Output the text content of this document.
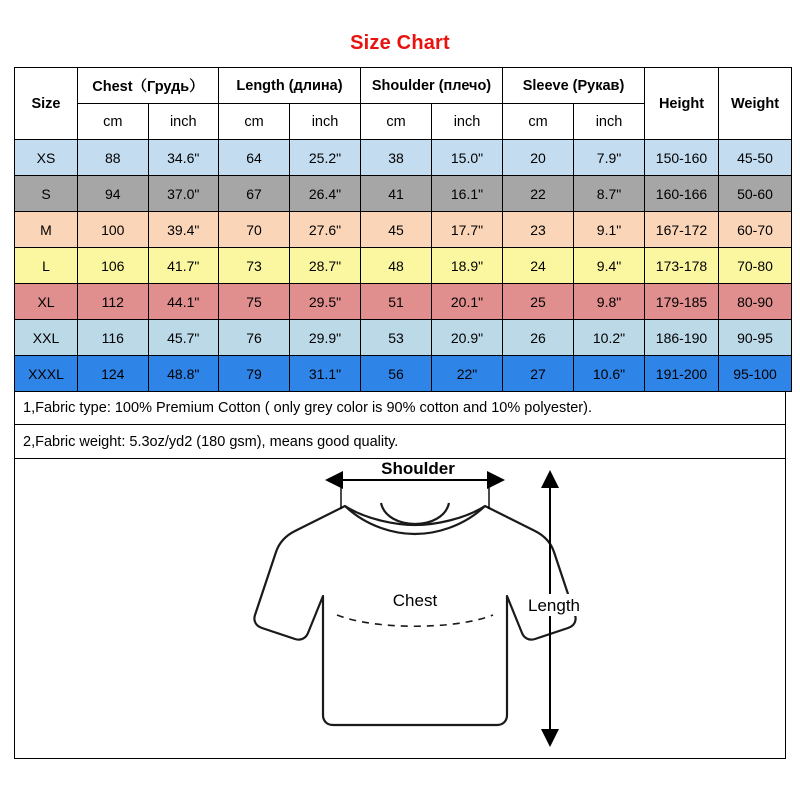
Size Chart
Size	Chest（Грудь）		Length (длина)		Shoulder (плечо)		Sleeve (Рукав)		Height	Weight
	cm	inch	cm	inch	cm	inch	cm	inch		
XS	88	34.6"	64	25.2"	38	15.0"	20	7.9"	150-160	45-50
S	94	37.0"	67	26.4"	41	16.1"	22	8.7"	160-166	50-60
M	100	39.4"	70	27.6"	45	17.7"	23	9.1"	167-172	60-70
L	106	41.7"	73	28.7"	48	18.9"	24	9.4"	173-178	70-80
XL	112	44.1"	75	29.5"	51	20.1"	25	9.8"	179-185	80-90
XXL	116	45.7"	76	29.9"	53	20.9"	26	10.2"	186-190	90-95
XXXL	124	48.8"	79	31.1"	56	22"	27	10.6"	191-200	95-100
1,Fabric type: 100% Premium Cotton ( only grey color is 90% cotton and 10% polyester).
2,Fabric weight: 5.3oz/yd2 (180 gsm), means good quality.
Chest
Shoulder
Length
